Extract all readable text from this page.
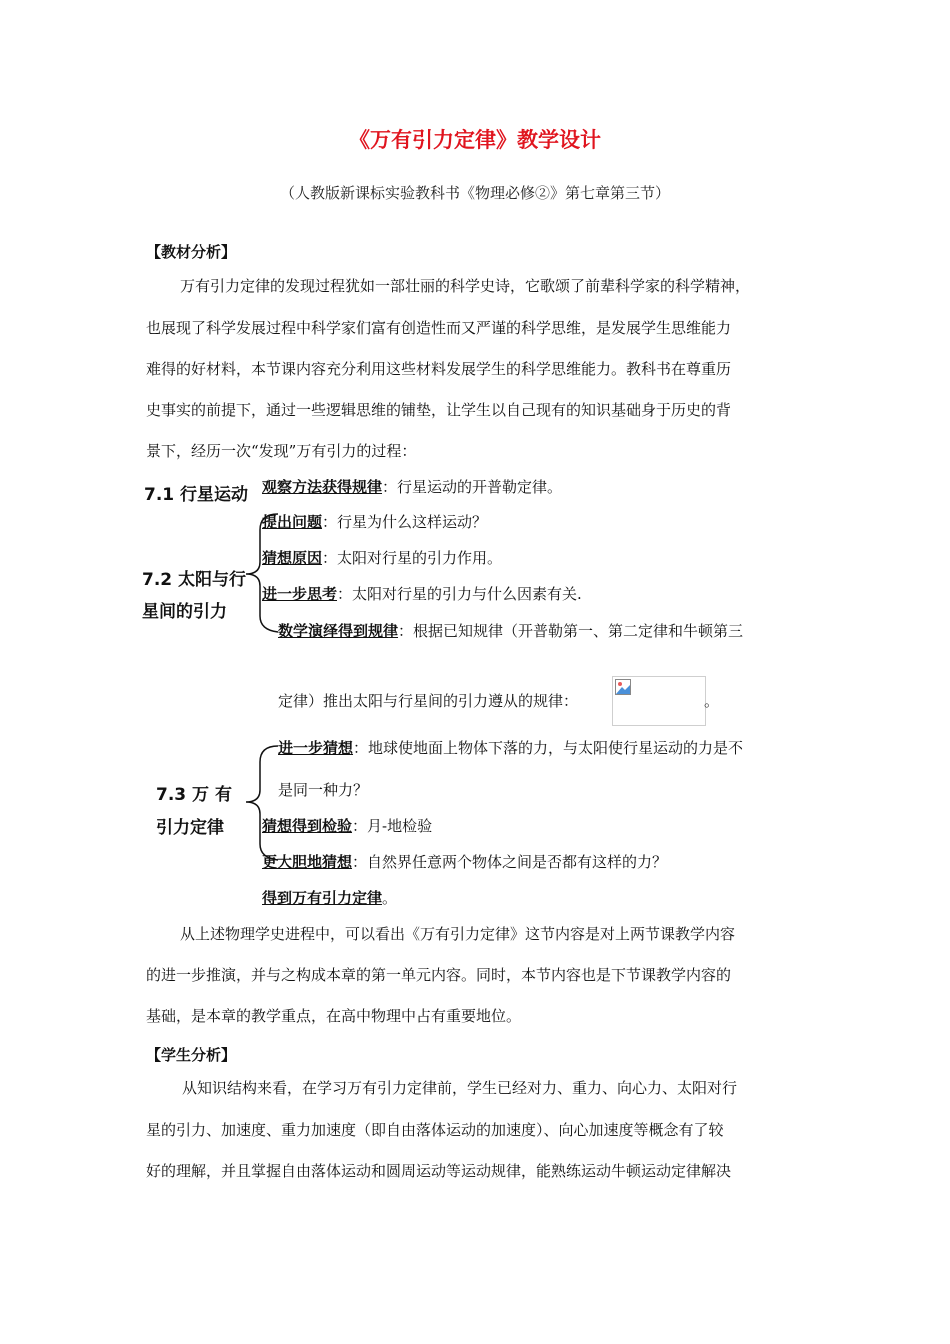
《万有引力定律》教学设计
（人教版新课标实验教科书《物理必修②》第七章第三节）
【教材分析】
万有引力定律的发现过程犹如一部壮丽的科学史诗，它歌颂了前辈科学家的科学精神，
也展现了科学发展过程中科学家们富有创造性而又严谨的科学思维，是发展学生思维能力
难得的好材料，本节课内容充分利用这些材料发展学生的科学思维能力。教科书在尊重历
史事实的前提下，通过一些逻辑思维的铺垫，让学生以自己现有的知识基础身于历史的背
景下，经历一次“发现”万有引力的过程：
7.1 行星运动 观察方法获得规律：行星运动的开普勒定律。
7.2 太阳与行
星间的引力
提出问题：行星为什么这样运动？
猜想原因：太阳对行星的引力作用。
进一步思考：太阳对行星的引力与什么因素有关.
数学演绎得到规律：根据已知规律（开普勒第一、第二定律和牛顿第三
定律）推出太阳与行星间的引力遵从的规律：	。
7.3 万 有
引力定律
进一步猜想：地球使地面上物体下落的力，与太阳使行星运动的力是不
是同一种力？
猜想得到检验：月-地检验
更大胆地猜想：自然界任意两个物体之间是否都有这样的力？
得到万有引力定律。
从上述物理学史进程中，可以看出《万有引力定律》这节内容是对上两节课教学内容
的进一步推演，并与之构成本章的第一单元内容。同时，本节内容也是下节课教学内容的
基础，是本章的教学重点，在高中物理中占有重要地位。
【学生分析】
从知识结构来看，在学习万有引力定律前，学生已经对力、重力、向心力、太阳对行
星的引力、加速度、重力加速度（即自由落体运动的加速度）、向心加速度等概念有了较
好的理解，并且掌握自由落体运动和圆周运动等运动规律，能熟练运动牛顿运动定律解决
